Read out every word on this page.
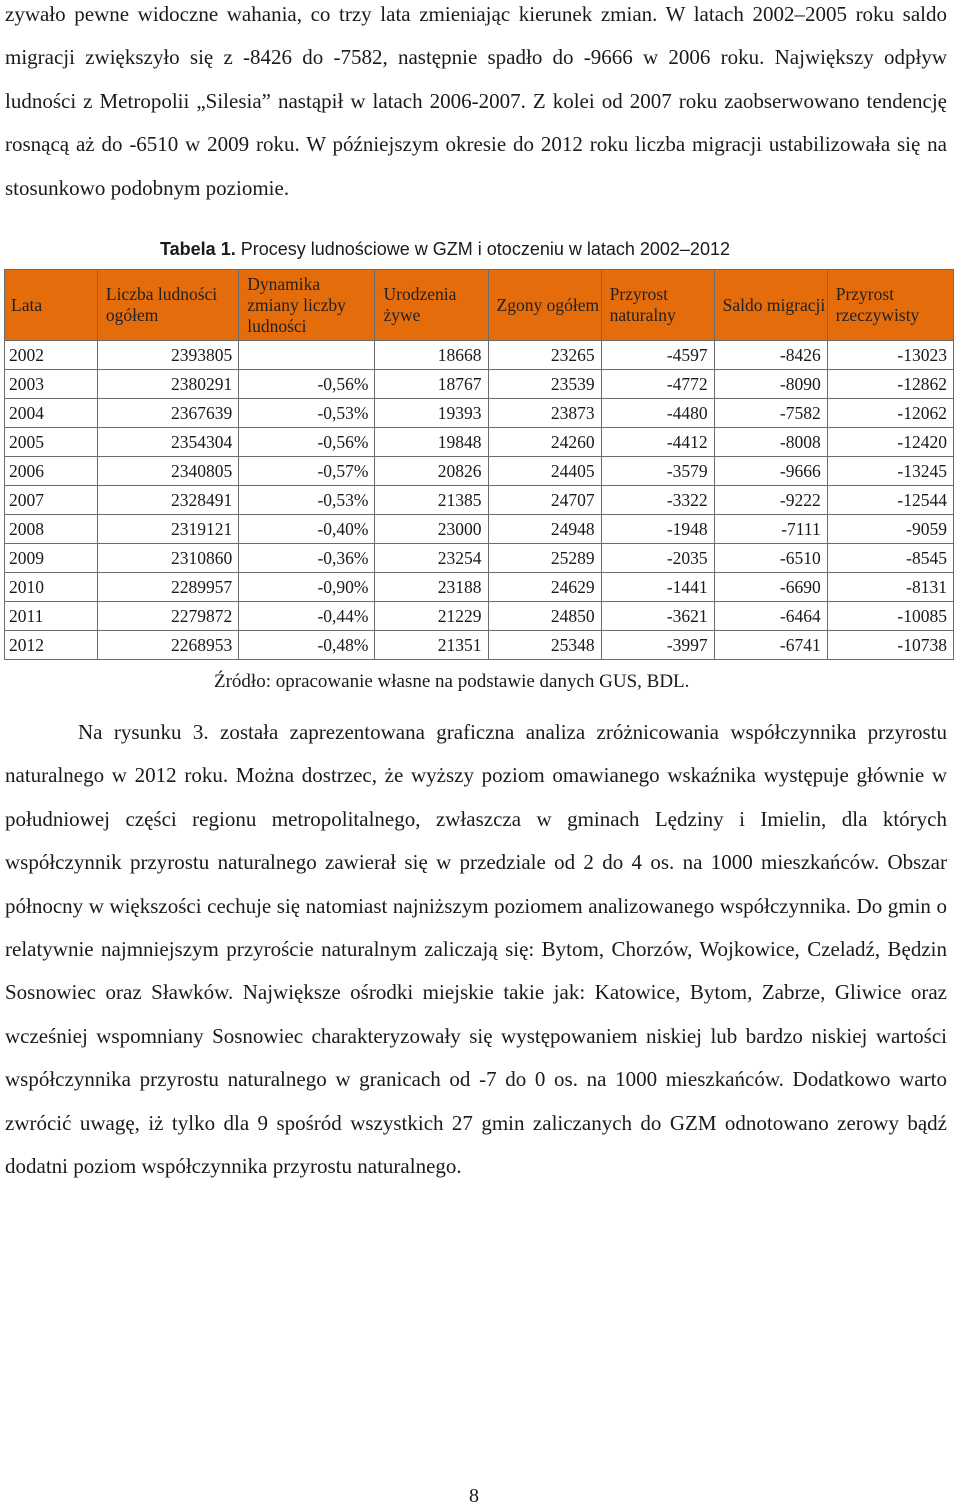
zywało pewne widoczne wahania, co trzy lata zmieniając kierunek zmian. W latach 2002–2005 roku saldo migracji zwiększyło się z -8426 do -7582, następnie spadło do -9666 w 2006 roku. Największy odpływ ludności z Metropolii „Silesia” nastąpił w latach 2006-2007. Z kolei od 2007 roku zaobserwowano tendencję rosnącą aż do -6510 w 2009 roku. W późniejszym okresie do 2012 roku liczba migracji ustabilizowała się na stosunkowo podobnym poziomie.

Tabela 1. Procesy ludnościowe w GZM i otoczeniu w latach 2002–2012
Lata	Liczba ludności ogółem	Dynamika zmiany liczby ludności	Urodzenia żywe	Zgony ogółem	Przyrost naturalny	Saldo migracji	Przyrost rzeczywisty

2002	2393805		18668	23265	-4597	-8426	-13023
2003	2380291	-0,56%	18767	23539	-4772	-8090	-12862
2004	2367639	-0,53%	19393	23873	-4480	-7582	-12062
2005	2354304	-0,56%	19848	24260	-4412	-8008	-12420
2006	2340805	-0,57%	20826	24405	-3579	-9666	-13245
2007	2328491	-0,53%	21385	24707	-3322	-9222	-12544
2008	2319121	-0,40%	23000	24948	-1948	-7111	-9059
2009	2310860	-0,36%	23254	25289	-2035	-6510	-8545
2010	2289957	-0,90%	23188	24629	-1441	-6690	-8131
2011	2279872	-0,44%	21229	24850	-3621	-6464	-10085
2012	2268953	-0,48%	21351	25348	-3997	-6741	-10738
Źródło: opracowanie własne na podstawie danych GUS, BDL.

Na rysunku 3. została zaprezentowana graficzna analiza zróżnicowania współczynnika przyrostu naturalnego w 2012 roku. Można dostrzec, że wyższy poziom omawianego wskaźnika występuje głównie w południowej części regionu metropolitalnego, zwłaszcza w gminach Lędziny i Imielin, dla których współczynnik przyrostu naturalnego zawierał się w przedziale od 2 do 4 os. na 1000 mieszkańców. Obszar północny w większości cechuje się natomiast najniższym poziomem analizowanego współczynnika. Do gmin o relatywnie najmniejszym przyroście naturalnym zaliczają się: Bytom, Chorzów, Wojkowice, Czeladź, Będzin Sosnowiec oraz Sławków. Największe ośrodki miejskie takie jak: Katowice, Bytom, Zabrze, Gliwice oraz wcześniej wspomniany Sosnowiec charakteryzowały się występowaniem niskiej lub bardzo niskiej wartości współczynnika przyrostu naturalnego w granicach od -7 do 0 os. na 1000 mieszkańców. Dodatkowo warto zwrócić uwagę, iż tylko dla 9 spośród wszystkich 27 gmin zaliczanych do GZM odnotowano zerowy bądź dodatni poziom współczynnika przyrostu naturalnego.

8
